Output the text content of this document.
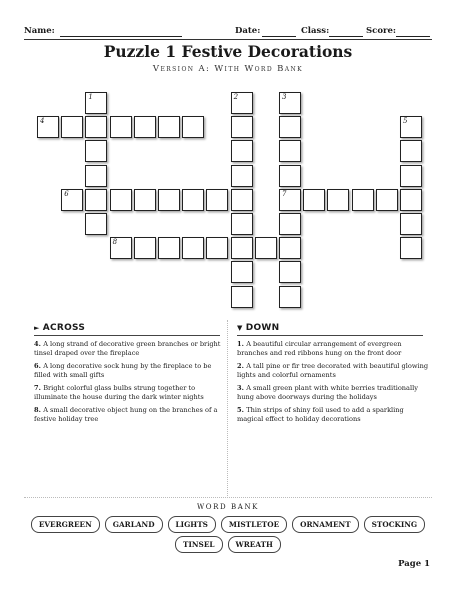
Name:	Date:	Class:	Score:
Puzzle 1 Festive Decorations
Version A: With Word Bank
1	2	3
4	5
6	7
8
► ACROSS
4. A long strand of decorative green branches or bright tinsel draped over the fireplace
6. A long decorative sock hung by the fireplace to be filled with small gifts
7. Bright colorful glass bulbs strung together to illuminate the house during the dark winter nights
8. A small decorative object hung on the branches of a festive holiday tree
▼ DOWN
1. A beautiful circular arrangement of evergreen branches and red ribbons hung on the front door
2. A tall pine or fir tree decorated with beautiful glowing lights and colorful ornaments
3. A small green plant with white berries traditionally hung above doorways during the holidays
5. Thin strips of shiny foil used to add a sparkling magical effect to holiday decorations
WORD BANK
EVERGREEN	GARLAND	LIGHTS	MISTLETOE	ORNAMENT	STOCKING
TINSEL	WREATH
Page 1
